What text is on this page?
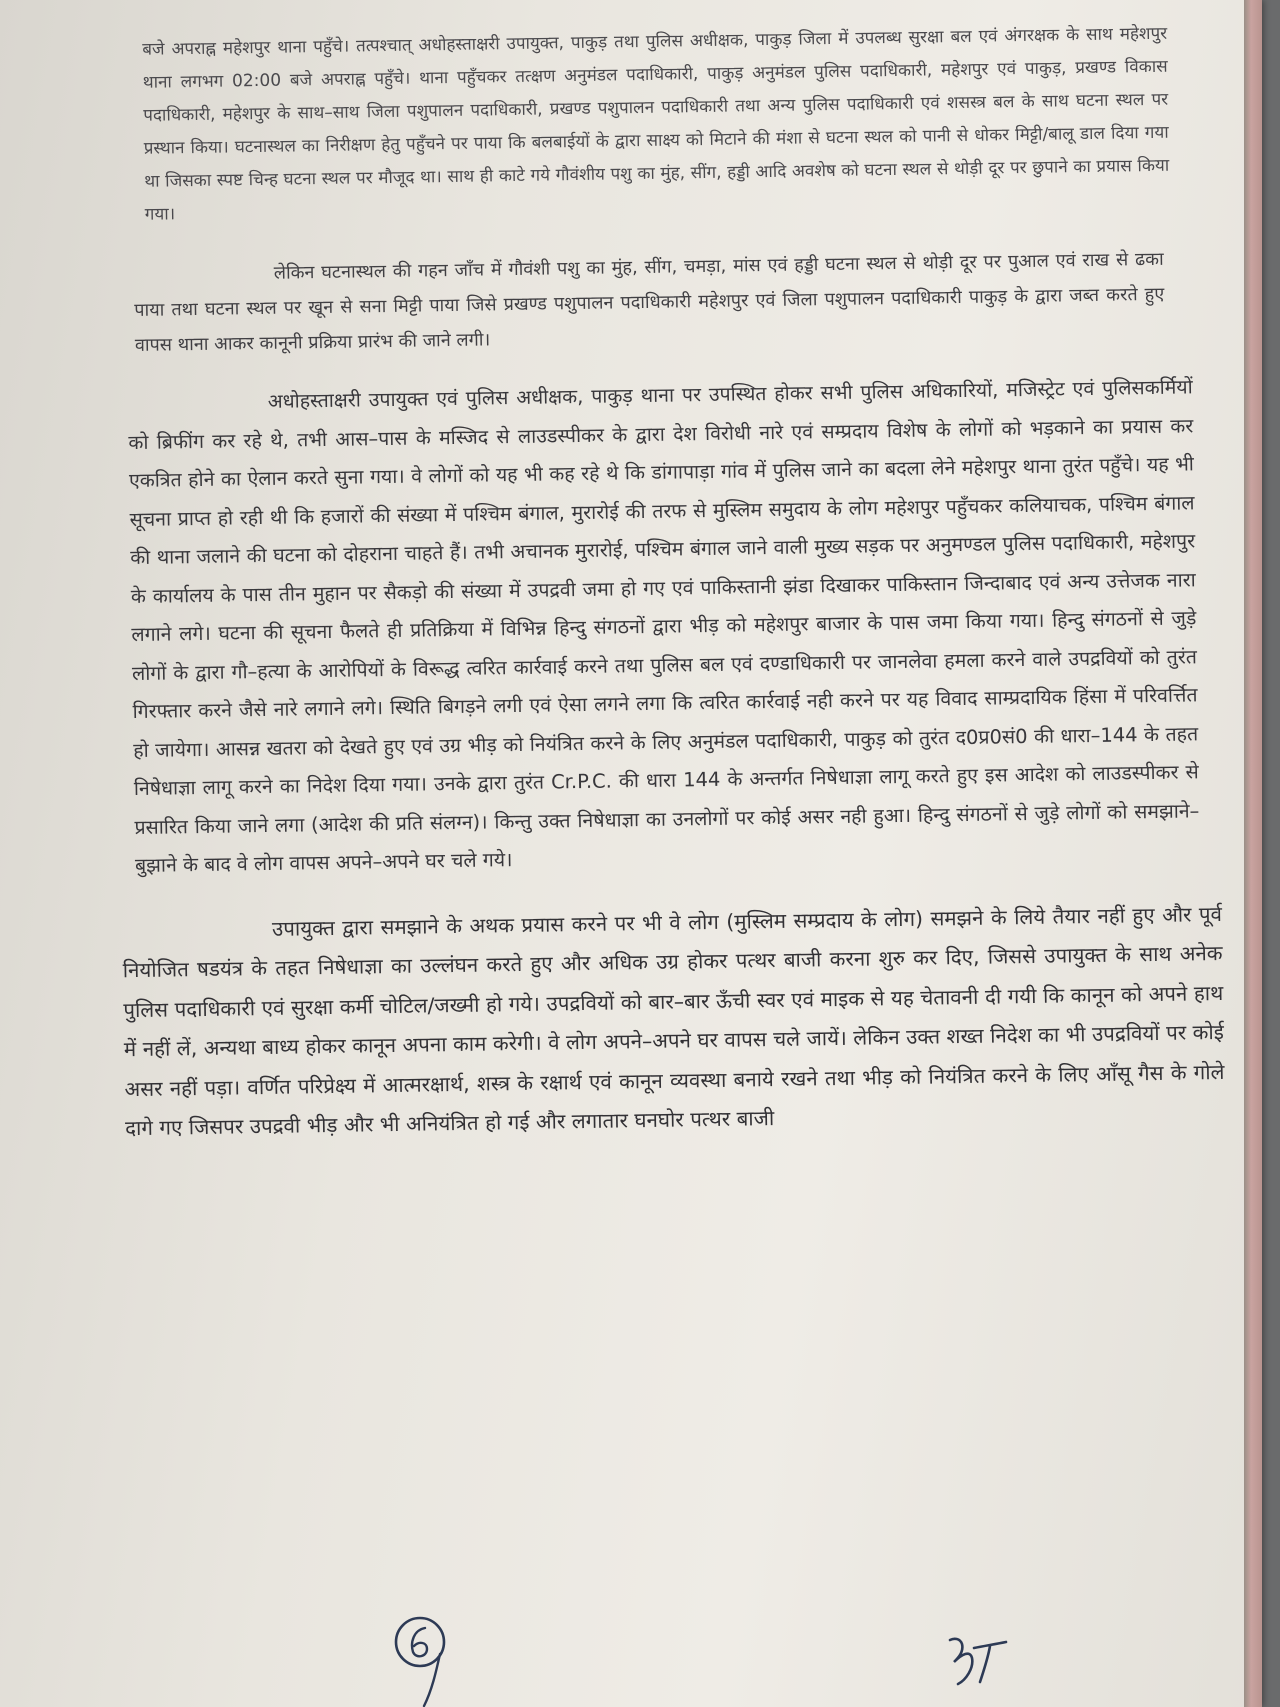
बजे अपराह्न महेशपुर थाना पहुँचे। तत्पश्चात् अधोहस्ताक्षरी उपायुक्त, पाकुड़ तथा पुलिस अधीक्षक, पाकुड़ जिला में उपलब्ध सुरक्षा बल एवं अंगरक्षक के साथ महेशपुर थाना लगभग 02:00 बजे अपराह्न पहुँचे। थाना पहुँचकर तत्क्षण अनुमंडल पदाधिकारी, पाकुड़ अनुमंडल पुलिस पदाधिकारी, महेशपुर एवं पाकुड़, प्रखण्ड विकास पदाधिकारी, महेशपुर के साथ–साथ जिला पशुपालन पदाधिकारी, प्रखण्ड पशुपालन पदाधिकारी तथा अन्य पुलिस पदाधिकारी एवं शसस्त्र बल के साथ घटना स्थल पर प्रस्थान किया। घटनास्थल का निरीक्षण हेतु पहुँचने पर पाया कि बलबाईयों के द्वारा साक्ष्य को मिटाने की मंशा से घटना स्थल को पानी से धोकर मिट्टी/बालू डाल दिया गया था जिसका स्पष्ट चिन्ह घटना स्थल पर मौजूद था। साथ ही काटे गये गौवंशीय पशु का मुंह, सींग, हड्डी आदि अवशेष को घटना स्थल से थोड़ी दूर पर छुपाने का प्रयास किया गया।

लेकिन घटनास्थल की गहन जाँच में गौवंशी पशु का मुंह, सींग, चमड़ा, मांस एवं हड्डी घटना स्थल से थोड़ी दूर पर पुआल एवं राख से ढका पाया तथा घटना स्थल पर खून से सना मिट्टी पाया जिसे प्रखण्ड पशुपालन पदाधिकारी महेशपुर एवं जिला पशुपालन पदाधिकारी पाकुड़ के द्वारा जब्त करते हुए वापस थाना आकर कानूनी प्रक्रिया प्रारंभ की जाने लगी।

अधोहस्ताक्षरी उपायुक्त एवं पुलिस अधीक्षक, पाकुड़ थाना पर उपस्थित होकर सभी पुलिस अधिकारियों, मजिस्ट्रेट एवं पुलिसकर्मियों को ब्रिफींग कर रहे थे, तभी आस–पास के मस्जिद से लाउडस्पीकर के द्वारा देश विरोधी नारे एवं सम्प्रदाय विशेष के लोगों को भड़काने का प्रयास कर एकत्रित होने का ऐलान करते सुना गया। वे लोगों को यह भी कह रहे थे कि डांगापाड़ा गांव में पुलिस जाने का बदला लेने महेशपुर थाना तुरंत पहुँचे। यह भी सूचना प्राप्त हो रही थी कि हजारों की संख्या में पश्चिम बंगाल, मुरारोई की तरफ से मुस्लिम समुदाय के लोग महेशपुर पहुँचकर कलियाचक, पश्चिम बंगाल की थाना जलाने की घटना को दोहराना चाहते हैं। तभी अचानक मुरारोई, पश्चिम बंगाल जाने वाली मुख्य सड़क पर अनुमण्डल पुलिस पदाधिकारी, महेशपुर के कार्यालय के पास तीन मुहान पर सैकड़ो की संख्या में उपद्रवी जमा हो गए एवं पाकिस्तानी झंडा दिखाकर पाकिस्तान जिन्दाबाद एवं अन्य उत्तेजक नारा लगाने लगे। घटना की सूचना फैलते ही प्रतिक्रिया में विभिन्न हिन्दु संगठनों द्वारा भीड़ को महेशपुर बाजार के पास जमा किया गया। हिन्दु संगठनों से जुड़े लोगों के द्वारा गौ–हत्या के आरोपियों के विरूद्ध त्वरित कार्रवाई करने तथा पुलिस बल एवं दण्डाधिकारी पर जानलेवा हमला करने वाले उपद्रवियों को तुरंत गिरफ्तार करने जैसे नारे लगाने लगे। स्थिति बिगड़ने लगी एवं ऐसा लगने लगा कि त्वरित कार्रवाई नही करने पर यह विवाद साम्प्रदायिक हिंसा में परिवर्त्तित हो जायेगा। आसन्न खतरा को देखते हुए एवं उग्र भीड़ को नियंत्रित करने के लिए अनुमंडल पदाधिकारी, पाकुड़ को तुरंत द0प्र0सं0 की धारा–144 के तहत निषेधाज्ञा लागू करने का निदेश दिया गया। उनके द्वारा तुरंत Cr.P.C. की धारा 144 के अन्तर्गत निषेधाज्ञा लागू करते हुए इस आदेश को लाउडस्पीकर से प्रसारित किया जाने लगा (आदेश की प्रति संलग्न)। किन्तु उक्त निषेधाज्ञा का उनलोगों पर कोई असर नही हुआ। हिन्दु संगठनों से जुड़े लोगों को समझाने–बुझाने के बाद वे लोग वापस अपने–अपने घर चले गये।

उपायुक्त द्वारा समझाने के अथक प्रयास करने पर भी वे लोग (मुस्लिम सम्प्रदाय के लोग) समझने के लिये तैयार नहीं हुए और पूर्व नियोजित षडयंत्र के तहत निषेधाज्ञा का उल्लंघन करते हुए और अधिक उग्र होकर पत्थर बाजी करना शुरु कर दिए, जिससे उपायुक्त के साथ अनेक पुलिस पदाधिकारी एवं सुरक्षा कर्मी चोटिल/जख्मी हो गये। उपद्रवियों को बार–बार ऊँची स्वर एवं माइक से यह चेतावनी दी गयी कि कानून को अपने हाथ में नहीं लें, अन्यथा बाध्य होकर कानून अपना काम करेगी। वे लोग अपने–अपने घर वापस चले जायें। लेकिन उक्त शख्त निदेश का भी उपद्रवियों पर कोई असर नहीं पड़ा। वर्णित परिप्रेक्ष्य में आत्मरक्षार्थ, शस्त्र के रक्षार्थ एवं कानून व्यवस्था बनाये रखने तथा भीड़ को नियंत्रित करने के लिए आँसू गैस के गोले दागे गए जिसपर उपद्रवी भीड़ और भी अनियंत्रित हो गई और लगातार घनघोर पत्थर बाजी
